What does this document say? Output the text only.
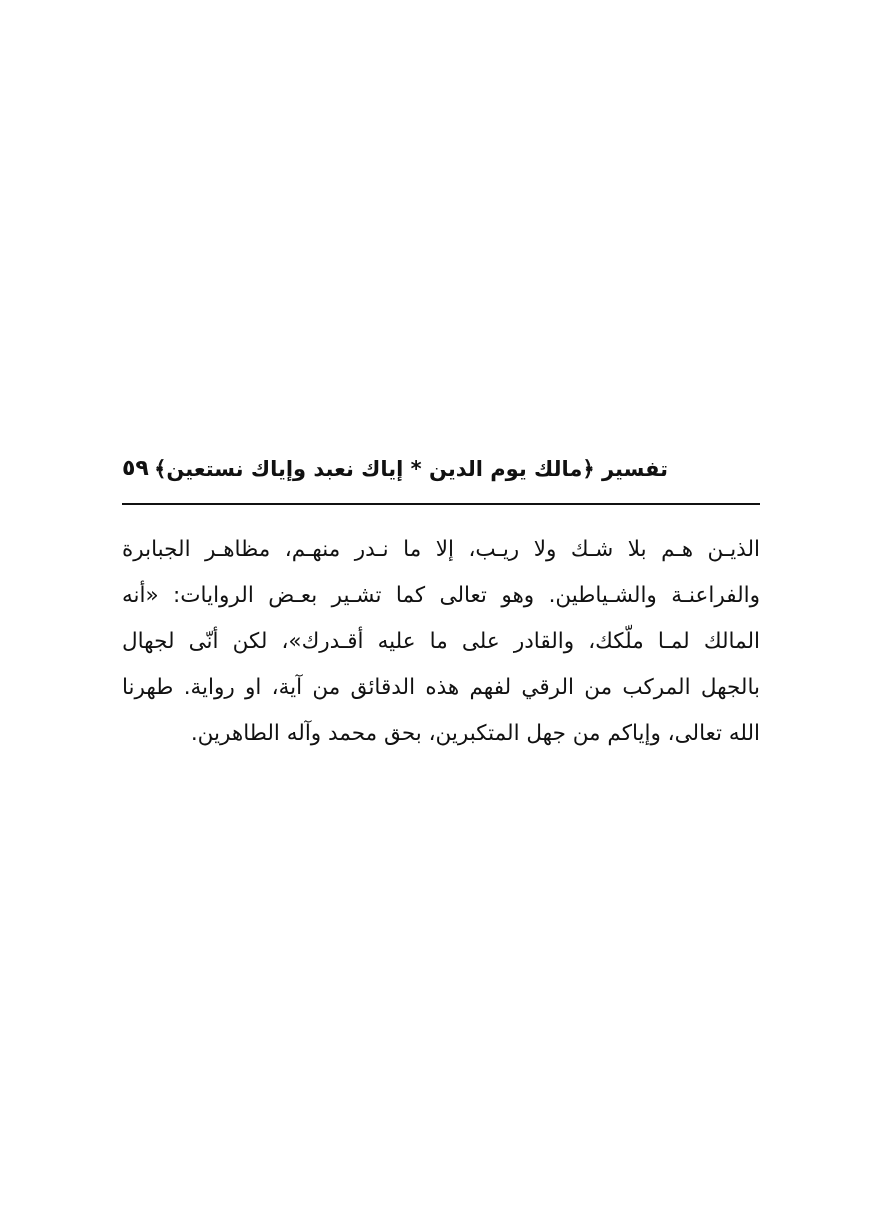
تفسير ﴿مالك يوم الدين * إياك نعبد وإياك نستعين﴾
٥٩
الذيـن هـم بلا شـك ولا ريـب، إلا ما نـدر منهـم، مظاهـر الجبابرة
والفراعنـة والشـياطين. وهو تعالى كما تشـير بعـض الروايات: «أنه
المالك لمـا ملّكك، والقادر على ما عليه أقـدرك»، لكن أنّى لجهال
بالجهل المركب من الرقي لفهم هذه الدقائق من آية، او رواية. طهرنا
الله تعالى، وإياكم من جهل المتكبرين، بحق محمد وآله الطاهرين.
